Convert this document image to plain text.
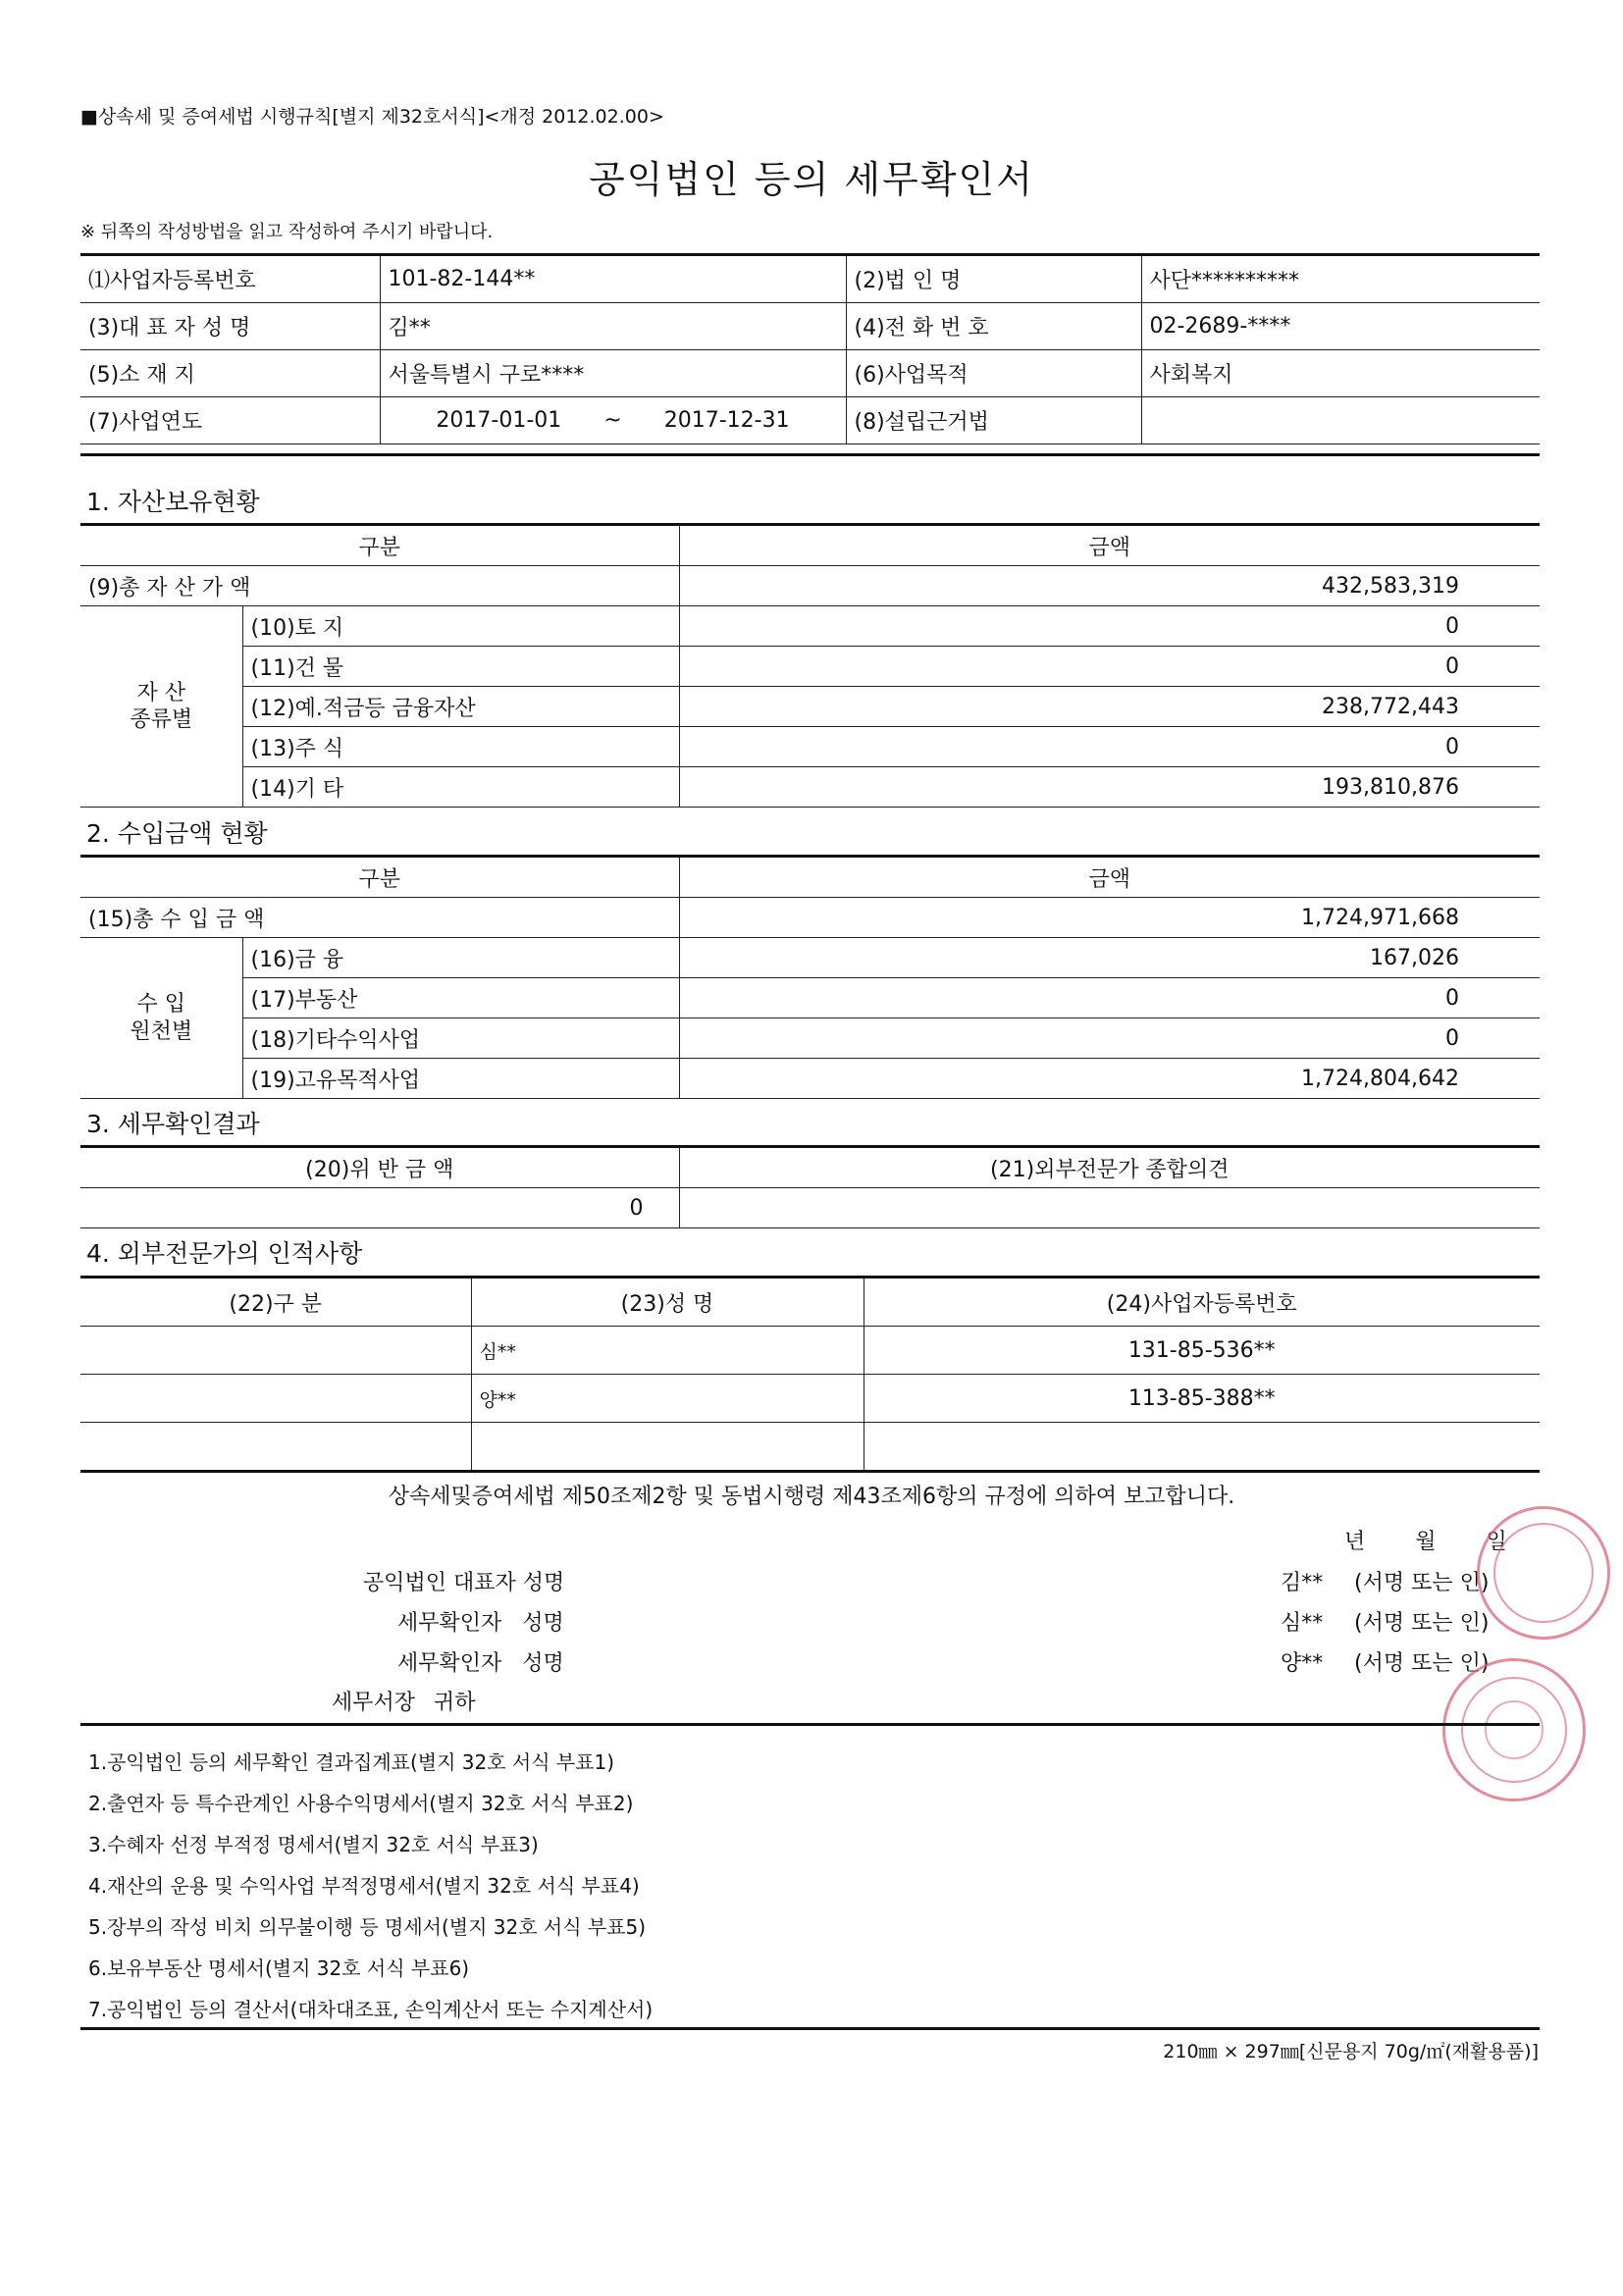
■상속세 및 증여세법 시행규칙[별지 제32호서식]<개정 2012.02.00>
공익법인 등의 세무확인서
※ 뒤쪽의 작성방법을 읽고 작성하여 주시기 바랍니다.
⑴사업자등록번호	101-82-144**	(2)법 인 명	사단**********
(3)대 표 자 성 명	김**	(4)전 화 번 호	02-2689-****
(5)소 재 지	서울특별시 구로****	(6)사업목적	사회복지
(7)사업연도	2017-01-01 ~ 2017-12-31	(8)설립근거법	
1. 자산보유현황
구분		금액
(9)총 자 산 가 액		432,583,319

자 산
종류별	(10)토 지	0
	(11)건 물	0
	(12)예.적금등 금융자산	238,772,443
	(13)주 식	0
	(14)기 타	193,810,876
2. 수입금액 현황
구분		금액
(15)총 수 입 금 액		1,724,971,668

수 입
원천별	(16)금 융	167,026
	(17)부동산	0
	(18)기타수익사업	0
	(19)고유목적사업	1,724,804,642
3. 세무확인결과
(20)위 반 금 액	(21)외부전문가 종합의견
0	
4. 외부전문가의 인적사항
(22)구 분	(23)성 명	(24)사업자등록번호
	심**	131-85-536**
	양**	113-85-388**

상속세및증여세법 제50조제2항 및 동법시행령 제43조제6항의 규정에 의하여 보고합니다.
년 월 일
공익법인 대표자 성명	김** (서명 또는 인)
세무확인자 성명	심** (서명 또는 인)
세무확인자 성명	양** (서명 또는 인)
세무서장 귀하
1.공익법인 등의 세무확인 결과집계표(별지 32호 서식 부표1)
2.출연자 등 특수관계인 사용수익명세서(별지 32호 서식 부표2)
3.수혜자 선정 부적정 명세서(별지 32호 서식 부표3)
4.재산의 운용 및 수익사업 부적정명세서(별지 32호 서식 부표4)
5.장부의 작성 비치 의무불이행 등 명세서(별지 32호 서식 부표5)
6.보유부동산 명세서(별지 32호 서식 부표6)
7.공익법인 등의 결산서(대차대조표, 손익계산서 또는 수지계산서)
210㎜ × 297㎜[신문용지 70g/㎡(재활용품)]
